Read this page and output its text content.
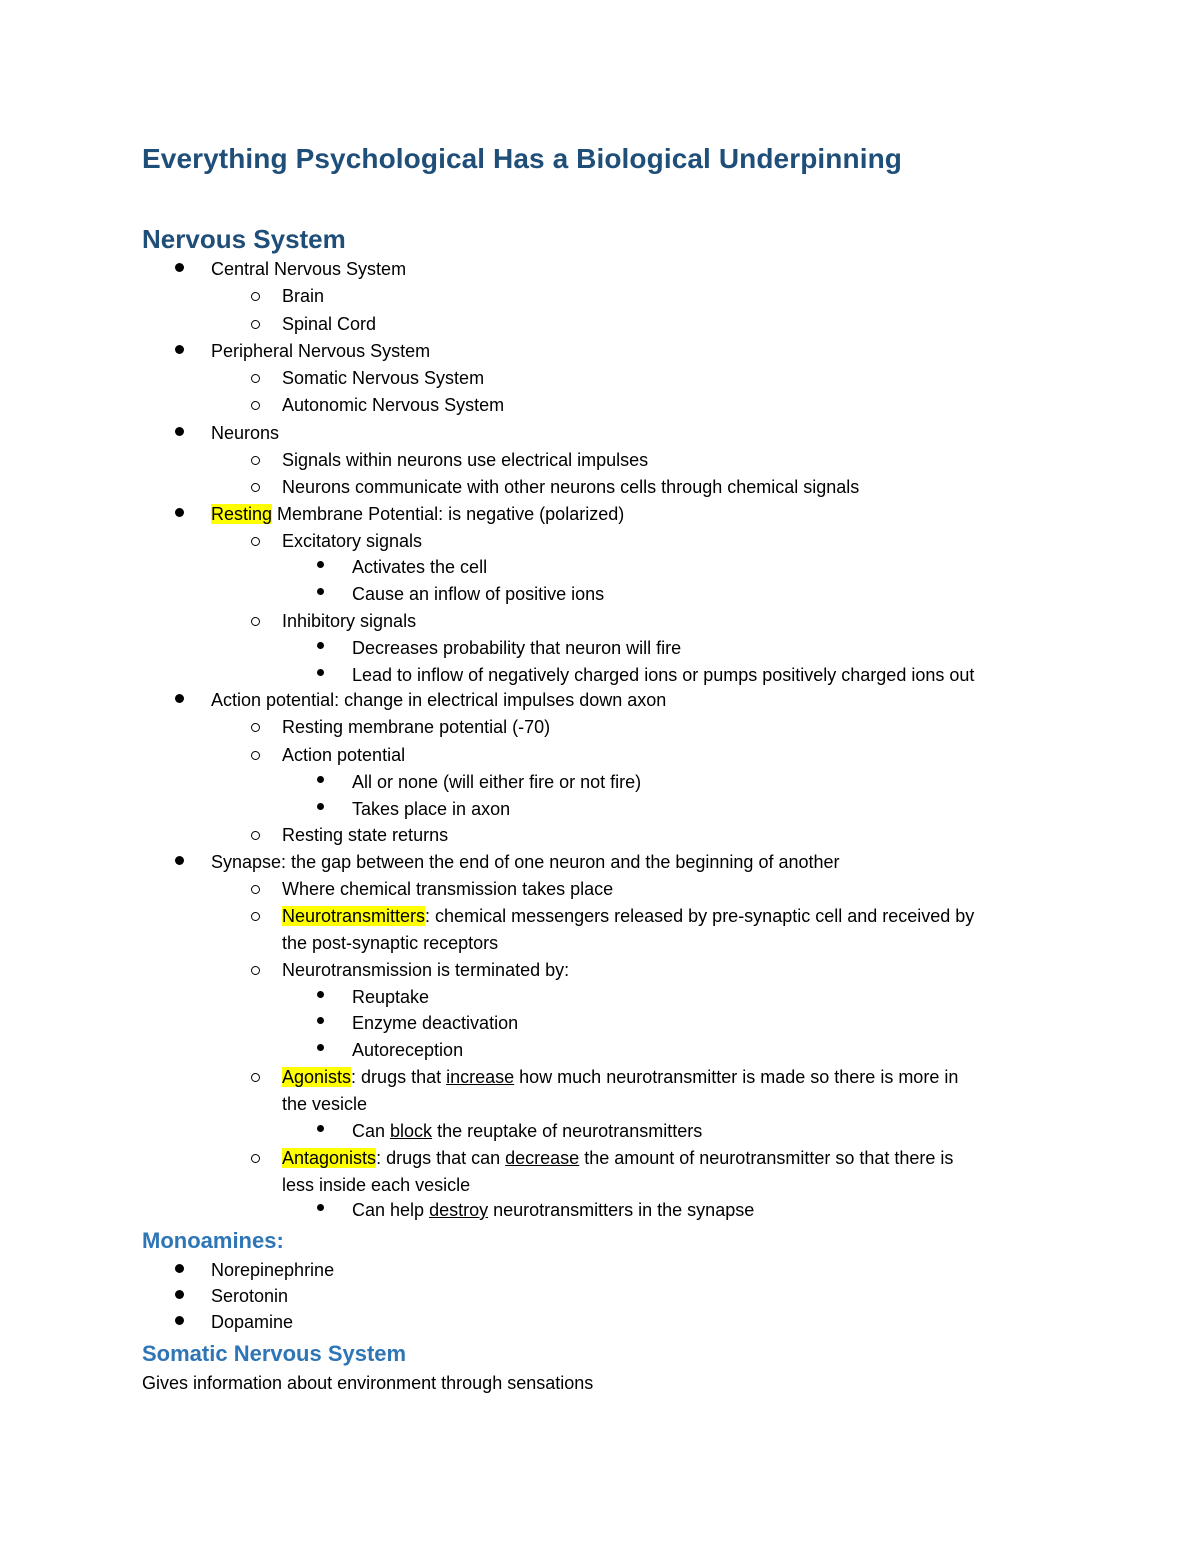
Everything Psychological Has a Biological Underpinning
Nervous System
Central Nervous System
Brain
Spinal Cord
Peripheral Nervous System
Somatic Nervous System
Autonomic Nervous System
Neurons
Signals within neurons use electrical impulses
Neurons communicate with other neurons cells through chemical signals
Resting Membrane Potential: is negative (polarized)
Excitatory signals
Activates the cell
Cause an inflow of positive ions
Inhibitory signals
Decreases probability that neuron will fire
Lead to inflow of negatively charged ions or pumps positively charged ions out
Action potential: change in electrical impulses down axon
Resting membrane potential (-70)
Action potential
All or none (will either fire or not fire)
Takes place in axon
Resting state returns
Synapse: the gap between the end of one neuron and the beginning of another
Where chemical transmission takes place
Neurotransmitters: chemical messengers released by pre-synaptic cell and received by
the post-synaptic receptors
Neurotransmission is terminated by:
Reuptake
Enzyme deactivation
Autoreception
Agonists: drugs that increase how much neurotransmitter is made so there is more in
the vesicle
Can block the reuptake of neurotransmitters
Antagonists: drugs that can decrease the amount of neurotransmitter so that there is
less inside each vesicle
Can help destroy neurotransmitters in the synapse
Monoamines:
Norepinephrine
Serotonin
Dopamine
Somatic Nervous System
Gives information about environment through sensations
